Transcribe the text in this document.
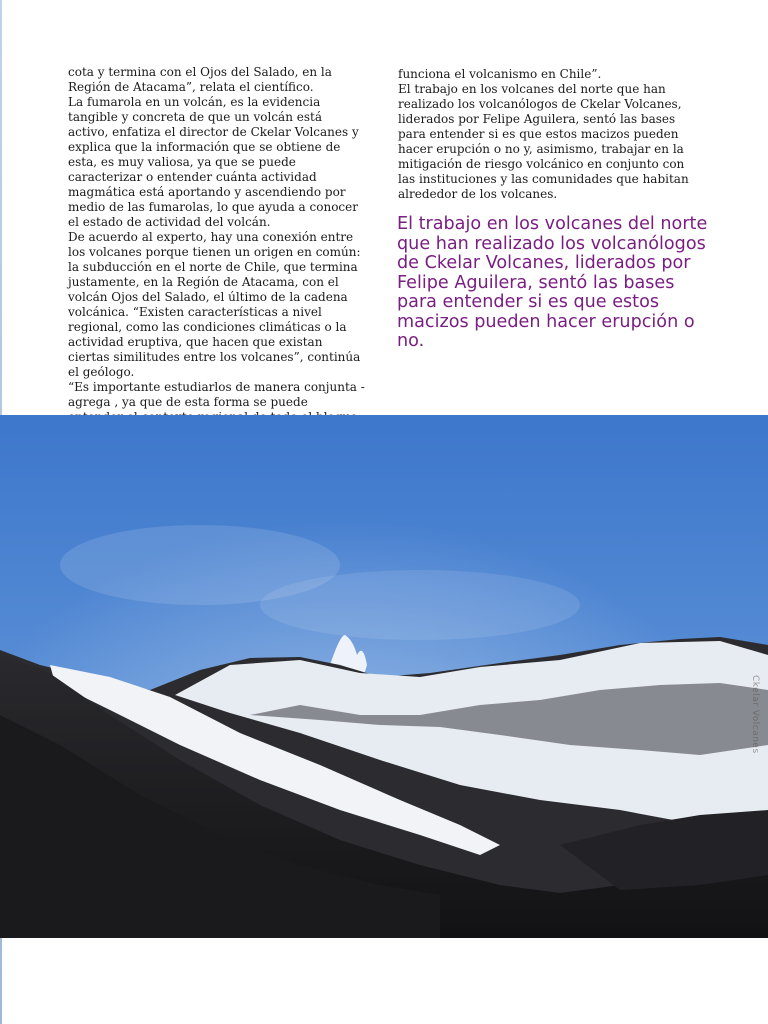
cota y termina con el Ojos del Salado, en la Región de Atacama”, relata el científico.

La fumarola en un volcán, es la evidencia tangible y concreta de que un volcán está activo, enfatiza el director de Ckelar Volcanes y explica que la información que se obtiene de esta, es muy valiosa, ya que se puede caracterizar o entender cuánta actividad magmática está aportando y ascendiendo por medio de las fumarolas, lo que ayuda a conocer el estado de actividad del volcán.

De acuerdo al experto, hay una conexión entre los volcanes porque tienen un origen en común: la subducción en el norte de Chile, que termina justamente, en la Región de Atacama, con el volcán Ojos del Salado, el último de la cadena volcánica. “Existen características a nivel regional, como las condiciones climáticas o la actividad eruptiva, que hacen que existan ciertas similitudes entre los volcanes”, continúa el geólogo.

“Es importante estudiarlos de manera conjunta -agrega , ya que de esta forma se puede

funciona el volcanismo en Chile”.

El trabajo en los volcanes del norte que han realizado los volcanólogos de Ckelar Volcanes, liderados por Felipe Aguilera, sentó las bases para entender si es que estos macizos pueden hacer erupción o no y, asimismo, trabajar en la mitigación de riesgo volcánico en conjunto con las instituciones y las comunidades que habitan alrededor de los volcanes.

El trabajo en los volcanes del norte que han realizado los volcanólogos de Ckelar Volcanes, liderados por Felipe Aguilera, sentó las bases para entender si es que estos macizos pueden hacer erupción o no.
Ckelar Volcanes
